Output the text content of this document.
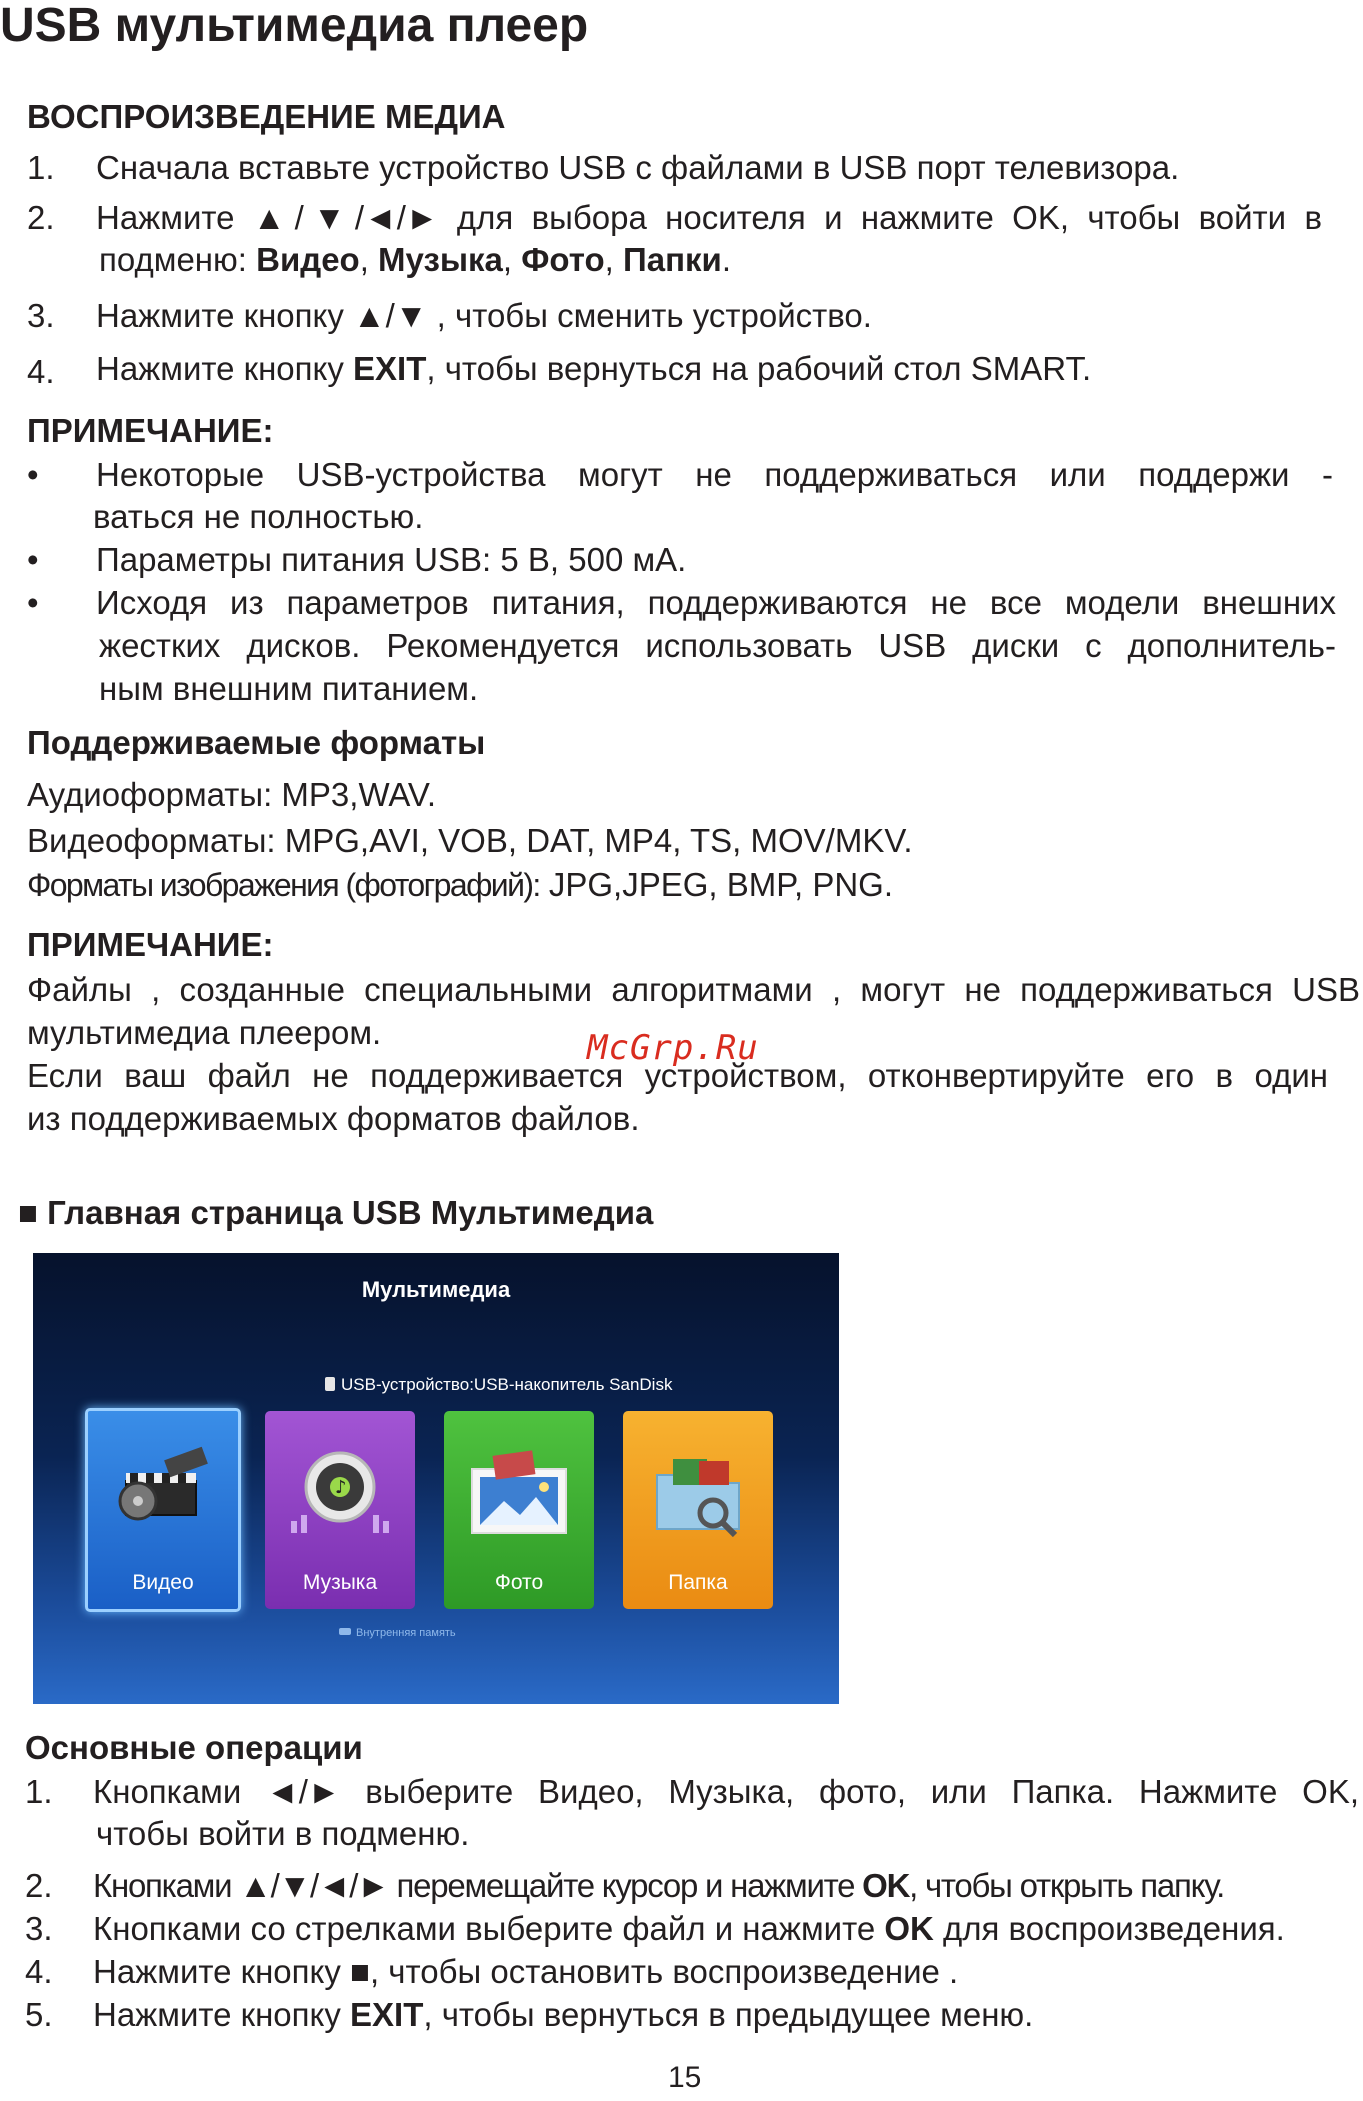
USB мультимедиа плеер
ВОСПРОИЗВЕДЕНИЕ МЕДИА
1. Сначала вставьте устройство USB с файлами в USB порт телевизора.
2. Нажмите ▲/▼/◄/► для выбора носителя и нажмите OK, чтобы войти в
подменю: Видео, Музыка, Фото, Папки.
3. Нажмите кнопку ▲/▼ , чтобы сменить устройство.
4. Нажмите кнопку EXIT, чтобы вернуться на рабочий стол SMART.
ПРИМЕЧАНИЕ:
• Некоторые USB-устройства могут не поддерживаться или поддержи -
ваться не полностью.
• Параметры питания USB: 5 В, 500 мА.
• Исходя из параметров питания, поддерживаются не все модели внешних
жестких дисков. Рекомендуется использовать USB диски с дополнитель-
ным внешним питанием.
Поддерживаемые форматы
Аудиоформаты: MP3,WAV.
Видеоформаты: MPG,AVI, VOB, DAT, MP4, TS, MOV/MKV.
Форматы изображения (фотографий): JPG,JPEG, BMP, PNG.
ПРИМЕЧАНИЕ:
Файлы , созданные специальными алгоритмами , могут не поддерживаться USB
мультимедиа плеером.
Если ваш файл не поддерживается устройством, отконвертируйте его в один
из поддерживаемых форматов файлов.
McGrp.Ru
■ Главная страница USB Мультимедиа
Мультимедиа
USB-устройство:USB-накопитель SanDisk
Видео
♪
Музыка	Фото	Папка
Внутренняя память
Основные операции
1. Кнопками ◄/► выберите Видео, Музыка, фото, или Папка. Нажмите OK,
чтобы войти в подменю.
2. Кнопками ▲/▼/◄/► перемещайте курсор и нажмите OK, чтобы открыть папку.
3. Кнопками со стрелками выберите файл и нажмите OK для воспроизведения.
4. Нажмите кнопку ■, чтобы остановить воспроизведение .
5. Нажмите кнопку EXIT, чтобы вернуться в предыдущее меню.
15
